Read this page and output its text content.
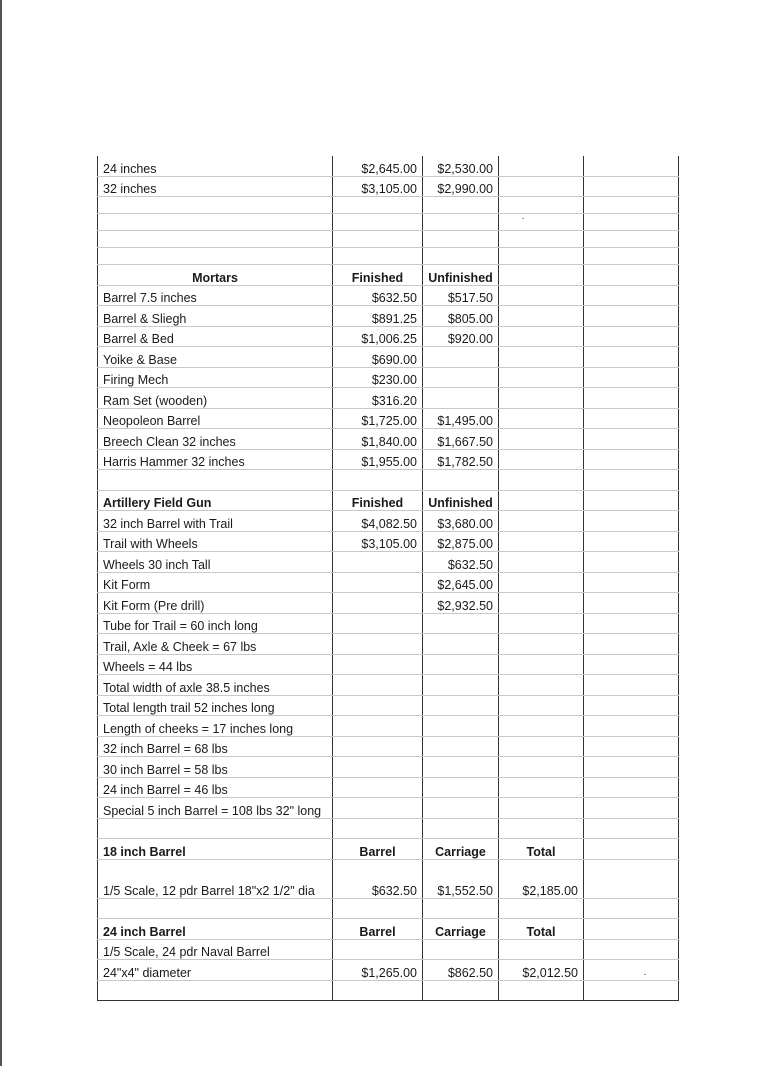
24 inches	$2,645.00	$2,530.00		
32 inches	$3,105.00	$2,990.00		

Mortars	Finished	Unfinished		
Barrel 7.5 inches	$632.50	$517.50		
Barrel & Sliegh	$891.25	$805.00		
Barrel & Bed	$1,006.25	$920.00		
Yoike & Base	$690.00			
Firing Mech	$230.00			
Ram Set (wooden)	$316.20			
Neopoleon Barrel	$1,725.00	$1,495.00		
Breech Clean 32 inches	$1,840.00	$1,667.50		
Harris Hammer 32 inches	$1,955.00	$1,782.50		

Artillery Field Gun	Finished	Unfinished		
32 inch Barrel with Trail	$4,082.50	$3,680.00		
Trail with Wheels	$3,105.00	$2,875.00		
Wheels 30 inch Tall		$632.50		
Kit Form		$2,645.00		
Kit Form (Pre drill)		$2,932.50		
Tube for Trail = 60 inch long				
Trail, Axle & Cheek = 67 lbs				
Wheels = 44 lbs				
Total width of axle 38.5 inches				
Total length trail 52 inches long				
Length of cheeks = 17 inches long				
32 inch Barrel = 68 lbs				
30 inch Barrel = 58 lbs				
24 inch Barrel = 46 lbs				
Special 5 inch Barrel = 108 lbs 32" long				

18 inch Barrel	Barrel	Carriage	Total	
1/5 Scale, 12 pdr Barrel 18"x2 1/2" dia	$632.50	$1,552.50	$2,185.00	

24 inch Barrel	Barrel	Carriage	Total	
1/5 Scale, 24 pdr Naval Barrel				
24"x4" diameter	$1,265.00	$862.50	$2,012.50	
